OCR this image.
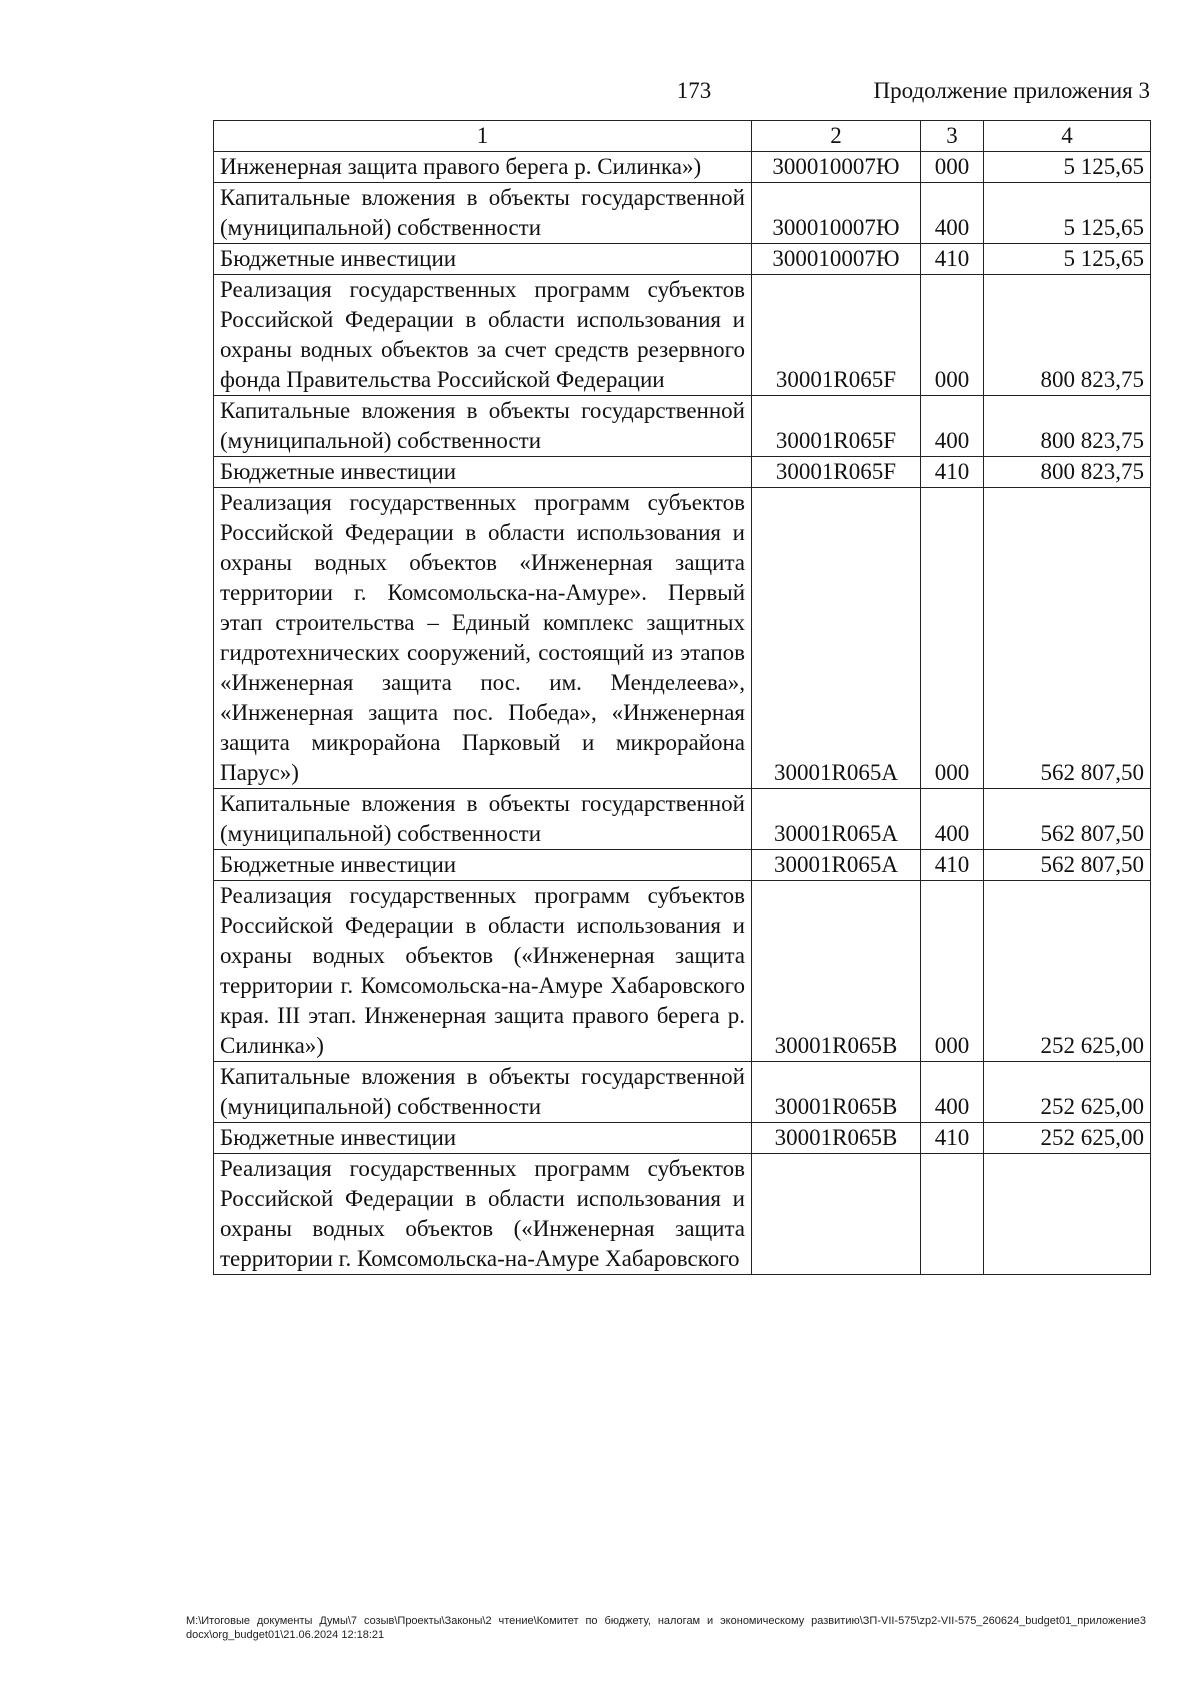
173	Продолжение приложения 3
1	2	3	4
Инженерная защита правого берега р. Силинка»)	300010007Ю	000	5 125,65
Капитальные вложения в объекты государственной (муниципальной) собственности	300010007Ю	400	5 125,65
Бюджетные инвестиции	300010007Ю	410	5 125,65
Реализация государственных программ субъектов Российской Федерации в области использования и охраны водных объектов за счет средств резервного фонда Правительства Российской Федерации	30001R065F	000	800 823,75
Капитальные вложения в объекты государственной (муниципальной) собственности	30001R065F	400	800 823,75
Бюджетные инвестиции	30001R065F	410	800 823,75
Реализация государственных программ субъектов Российской Федерации в области использования и охраны водных объектов «Инженерная защита территории г. Комсомольска-на-Амуре». Первый этап строительства – Единый комплекс защитных гидротехнических сооружений, состоящий из этапов «Инженерная защита пос. им. Менделеева», «Инженерная защита пос. Победа», «Инженерная защита микрорайона Парковый и микрорайона Парус»)	30001R065A	000	562 807,50
Капитальные вложения в объекты государственной (муниципальной) собственности	30001R065A	400	562 807,50
Бюджетные инвестиции	30001R065A	410	562 807,50
Реализация государственных программ субъектов Российской Федерации в области использования и охраны водных объектов («Инженерная защита территории г. Комсомольска-на-Амуре Хабаровского края. III этап. Инженерная защита правого берега р. Силинка»)	30001R065B	000	252 625,00
Капитальные вложения в объекты государственной (муниципальной) собственности	30001R065B	400	252 625,00
Бюджетные инвестиции	30001R065B	410	252 625,00
Реализация государственных программ субъектов Российской Федерации в области использования и охраны водных объектов («Инженерная защита территории г. Комсомольска-на-Амуре Хабаровского			
М:\Итоговые документы Думы\7 созыв\Проекты\Законы\2 чтение\Комитет по бюджету, налогам и экономическому развитию\ЗП-VII-575\zp2-VII-575_260624_budget01_приложение3 docx\org_budget01\21.06.2024 12:18:21
